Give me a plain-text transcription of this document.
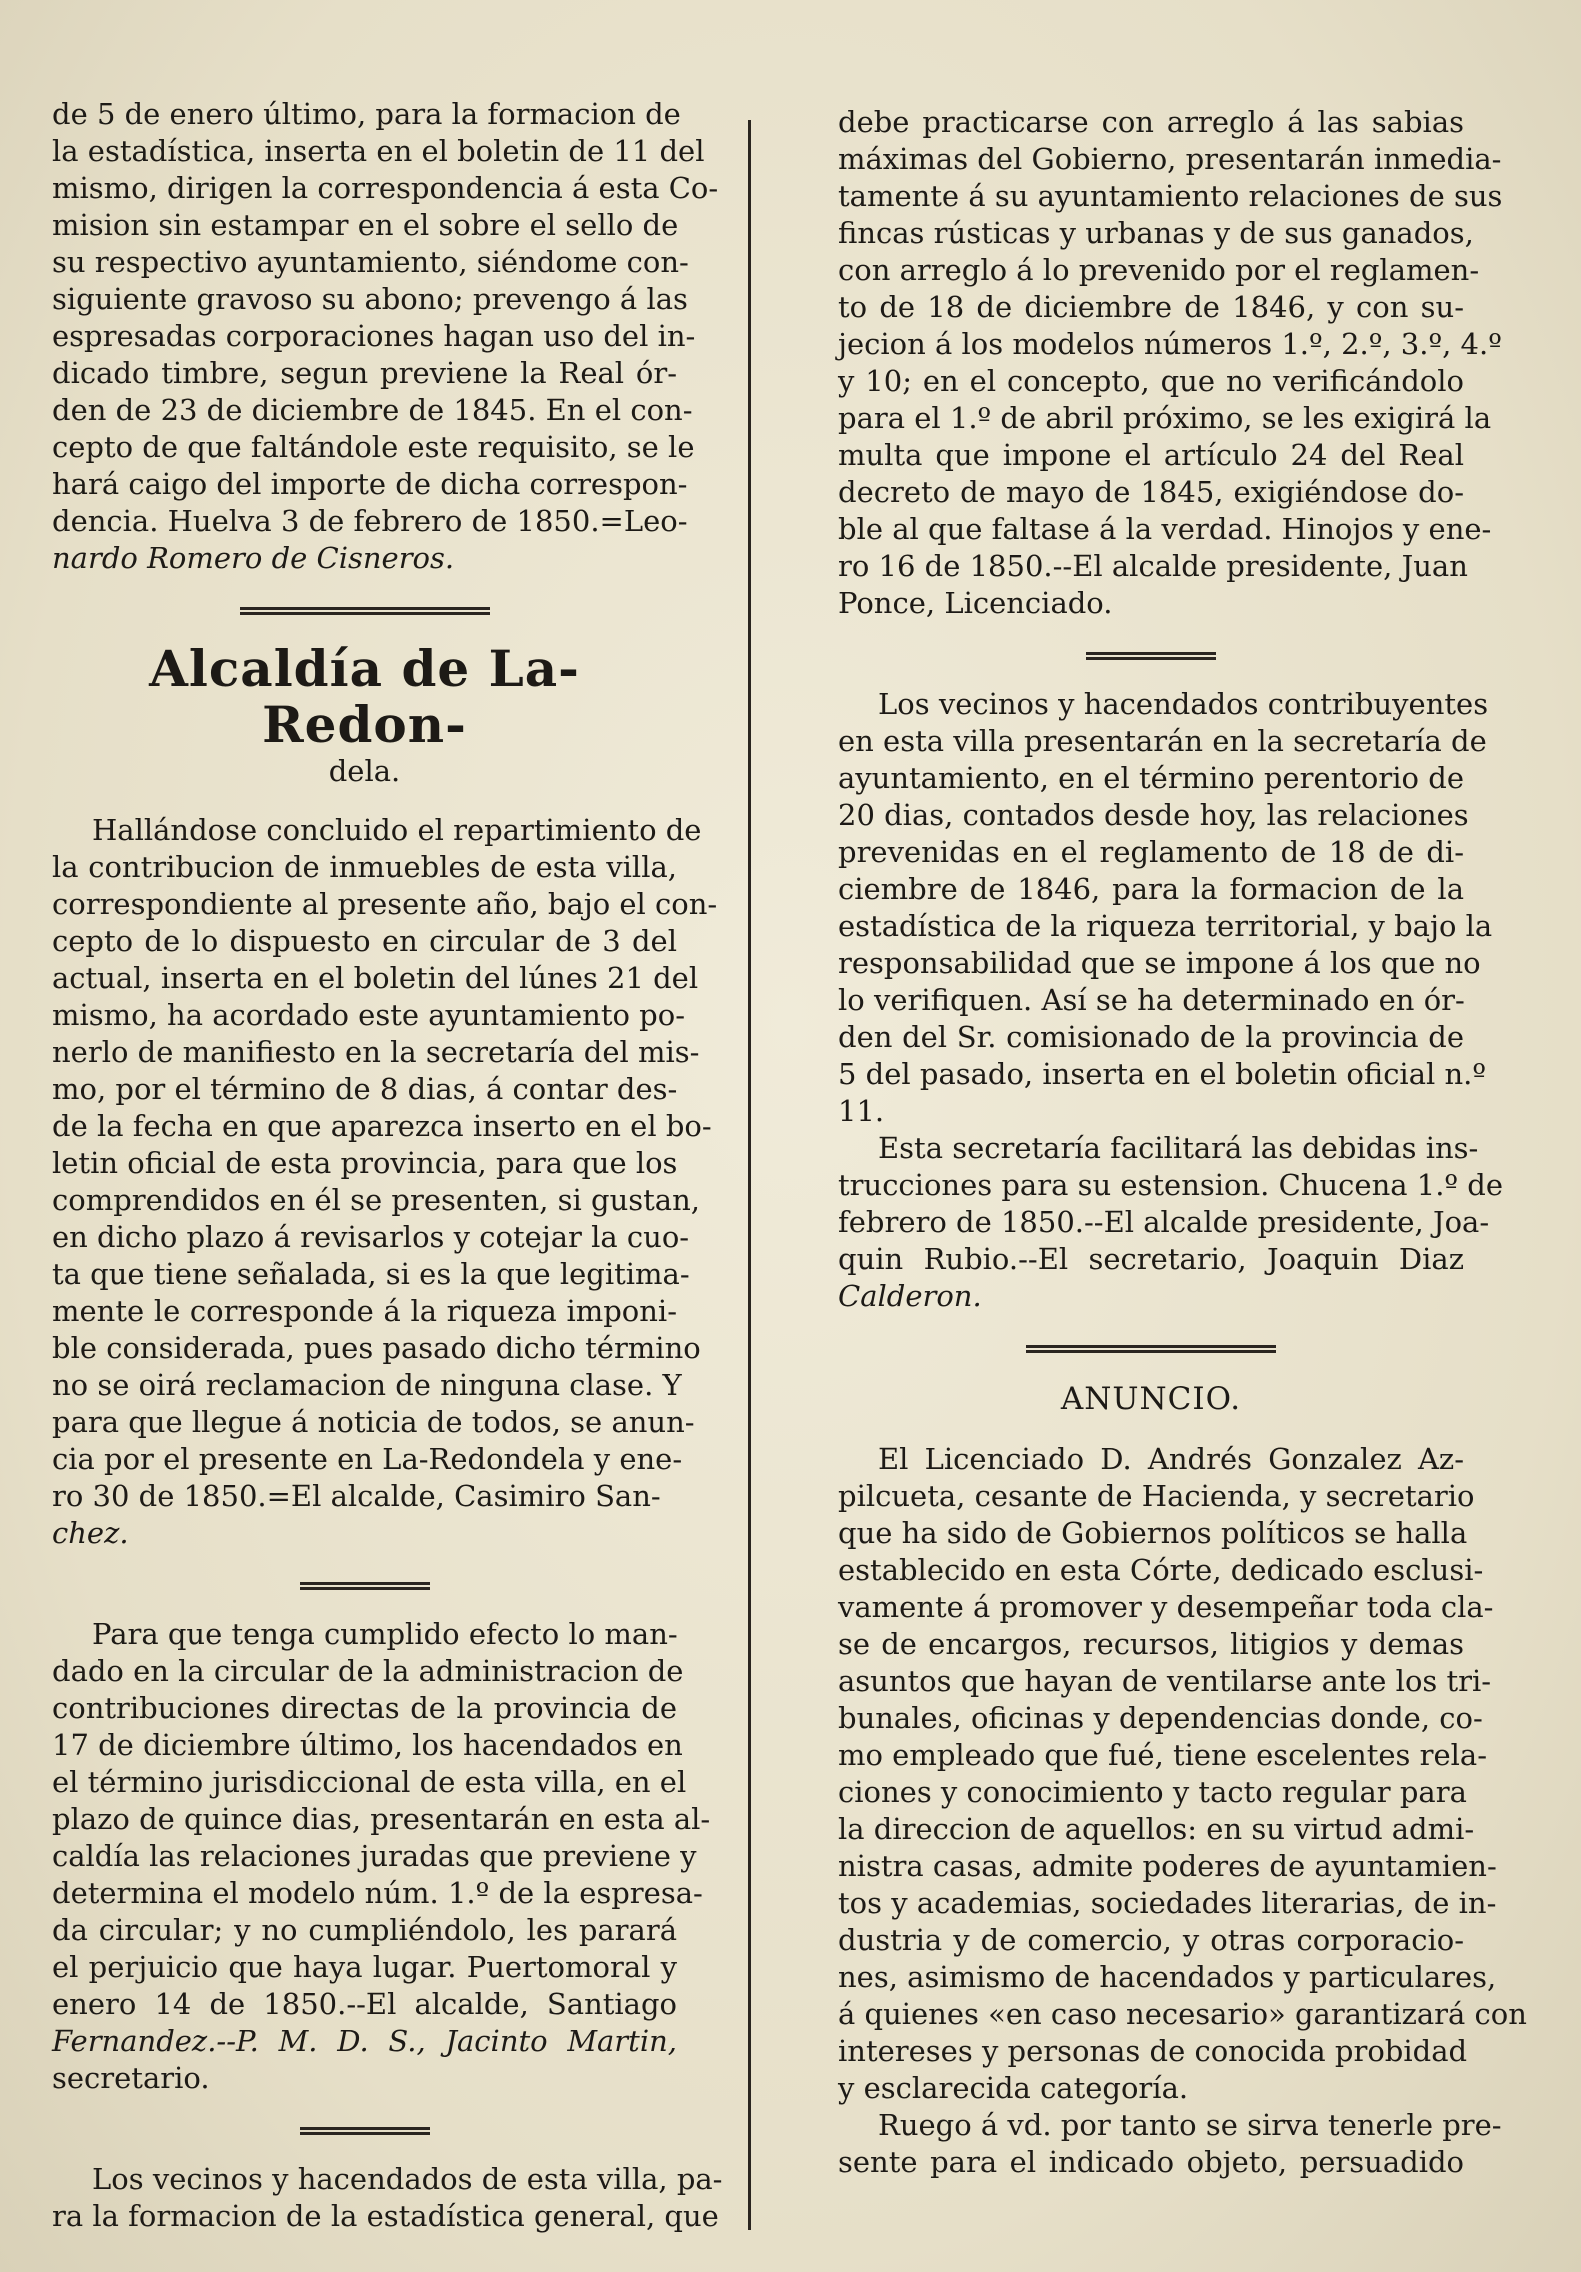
de 5 de enero último, para la formacion de
la estadística, inserta en el boletin de 11 del
mismo, dirigen la correspondencia á esta Co-
mision sin estampar en el sobre el sello de
su respectivo ayuntamiento, siéndome con-
siguiente gravoso su abono; prevengo á las
espresadas corporaciones hagan uso del in-
dicado timbre, segun previene la Real ór-
den de 23 de diciembre de 1845. En el con-
cepto de que faltándole este requisito, se le
hará caigo del importe de dicha correspon-
dencia. Huelva 3 de febrero de 1850.=Leo-
nardo Romero de Cisneros.
Alcaldía de La-Redon-
dela.
Hallándose concluido el repartimiento de
la contribucion de inmuebles de esta villa,
correspondiente al presente año, bajo el con-
cepto de lo dispuesto en circular de 3 del
actual, inserta en el boletin del lúnes 21 del
mismo, ha acordado este ayuntamiento po-
nerlo de manifiesto en la secretaría del mis-
mo, por el término de 8 dias, á contar des-
de la fecha en que aparezca inserto en el bo-
letin oficial de esta provincia, para que los
comprendidos en él se presenten, si gustan,
en dicho plazo á revisarlos y cotejar la cuo-
ta que tiene señalada, si es la que legitima-
mente le corresponde á la riqueza imponi-
ble considerada, pues pasado dicho término
no se oirá reclamacion de ninguna clase. Y
para que llegue á noticia de todos, se anun-
cia por el presente en La-Redondela y ene-
ro 30 de 1850.=El alcalde, Casimiro San-
chez.
Para que tenga cumplido efecto lo man-
dado en la circular de la administracion de
contribuciones directas de la provincia de
17 de diciembre último, los hacendados en
el término jurisdiccional de esta villa, en el
plazo de quince dias, presentarán en esta al-
caldía las relaciones juradas que previene y
determina el modelo núm. 1.º de la espresa-
da circular; y no cumpliéndolo, les parará
el perjuicio que haya lugar. Puertomoral y
enero 14 de 1850.--El alcalde, Santiago
Fernandez.--P. M. D. S., Jacinto Martin,
secretario.
Los vecinos y hacendados de esta villa, pa-
ra la formacion de la estadística general, que
debe practicarse con arreglo á las sabias
máximas del Gobierno, presentarán inmedia-
tamente á su ayuntamiento relaciones de sus
fincas rústicas y urbanas y de sus ganados,
con arreglo á lo prevenido por el reglamen-
to de 18 de diciembre de 1846, y con su-
jecion á los modelos números 1.º, 2.º, 3.º, 4.º
y 10; en el concepto, que no verificándolo
para el 1.º de abril próximo, se les exigirá la
multa que impone el artículo 24 del Real
decreto de mayo de 1845, exigiéndose do-
ble al que faltase á la verdad. Hinojos y ene-
ro 16 de 1850.--El alcalde presidente, Juan
Ponce, Licenciado.
Los vecinos y hacendados contribuyentes
en esta villa presentarán en la secretaría de
ayuntamiento, en el término perentorio de
20 dias, contados desde hoy, las relaciones
prevenidas en el reglamento de 18 de di-
ciembre de 1846, para la formacion de la
estadística de la riqueza territorial, y bajo la
responsabilidad que se impone á los que no
lo verifiquen. Así se ha determinado en ór-
den del Sr. comisionado de la provincia de
5 del pasado, inserta en el boletin oficial n.º
11.
Esta secretaría facilitará las debidas ins-
trucciones para su estension. Chucena 1.º de
febrero de 1850.--El alcalde presidente, Joa-
quin Rubio.--El secretario, Joaquin Diaz
Calderon.
ANUNCIO.
El Licenciado D. Andrés Gonzalez Az-
pilcueta, cesante de Hacienda, y secretario
que ha sido de Gobiernos políticos se halla
establecido en esta Córte, dedicado esclusi-
vamente á promover y desempeñar toda cla-
se de encargos, recursos, litigios y demas
asuntos que hayan de ventilarse ante los tri-
bunales, oficinas y dependencias donde, co-
mo empleado que fué, tiene escelentes rela-
ciones y conocimiento y tacto regular para
la direccion de aquellos: en su virtud admi-
nistra casas, admite poderes de ayuntamien-
tos y academias, sociedades literarias, de in-
dustria y de comercio, y otras corporacio-
nes, asimismo de hacendados y particulares,
á quienes «en caso necesario» garantizará con
intereses y personas de conocida probidad
y esclarecida categoría.
Ruego á vd. por tanto se sirva tenerle pre-
sente para el indicado objeto, persuadido
